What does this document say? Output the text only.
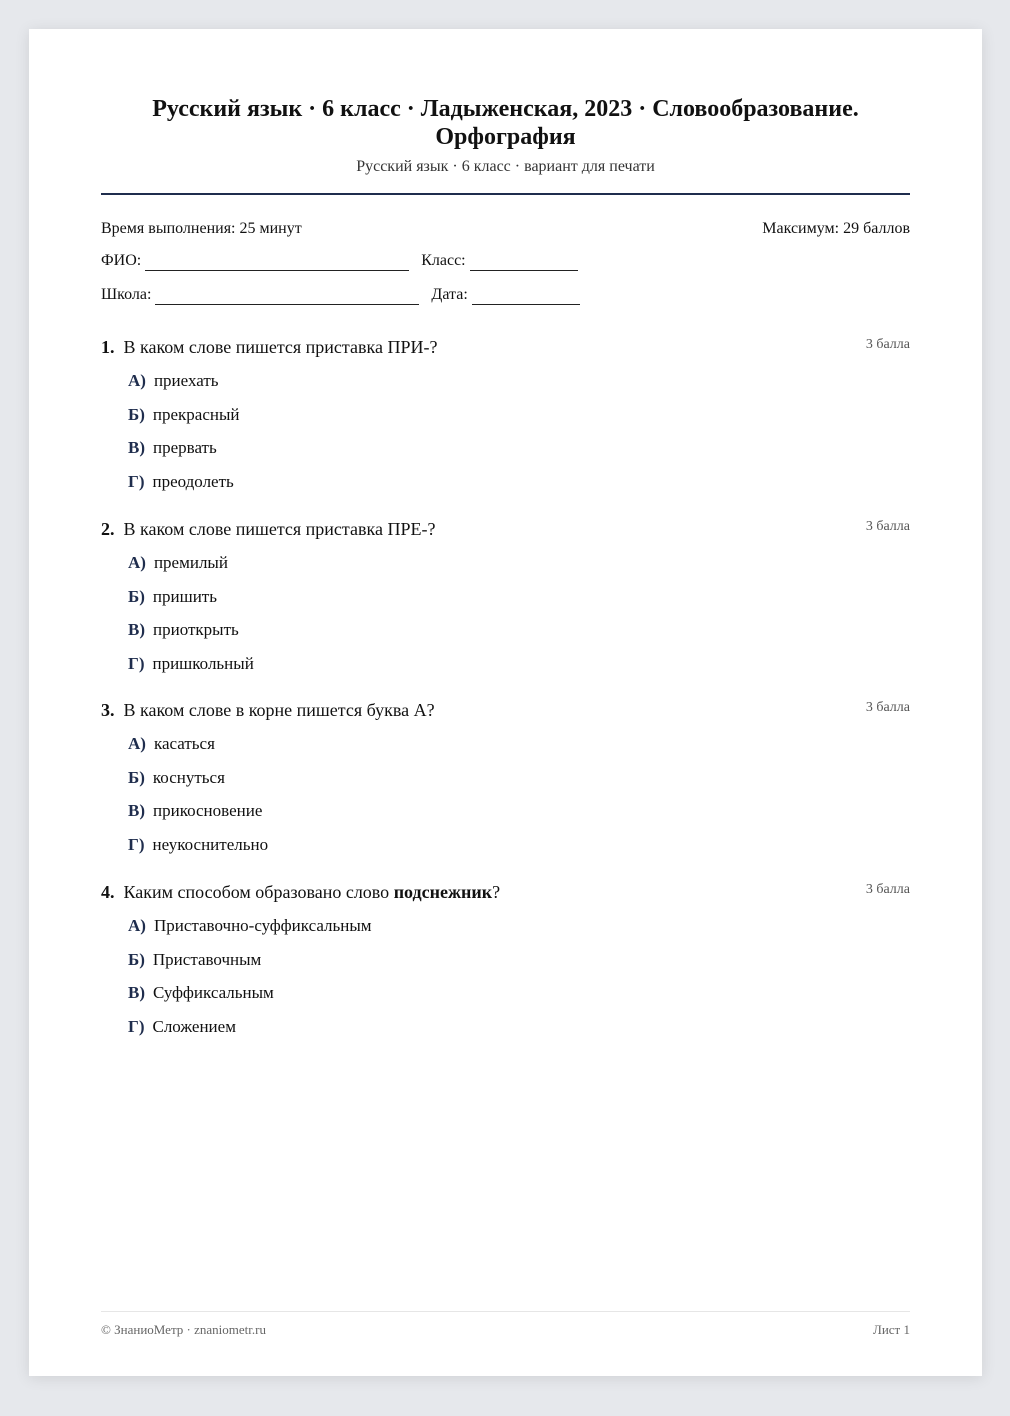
Русский язык · 6 класс · Ладыженская, 2023 · Словообразование. Орфография
Русский язык · 6 класс · вариант для печати
Время выполнения: 25 минут	Максимум: 29 баллов
ФИО:	Класс:
Школа:	Дата:
1. В каком слове пишется приставка ПРИ-?	3 балла
А) приехать
Б) прекрасный
В) прервать
Г) преодолеть
2. В каком слове пишется приставка ПРЕ-?	3 балла
А) премилый
Б) пришить
В) приоткрыть
Г) пришкольный
3. В каком слове в корне пишется буква А?	3 балла
А) касаться
Б) коснуться
В) прикосновение
Г) неукоснительно
4. Каким способом образовано слово подснежник?	3 балла
А) Приставочно-суффиксальным
Б) Приставочным
В) Суффиксальным
Г) Сложением
© ЗнаниоМетр · znaniometr.ru	Лист 1
